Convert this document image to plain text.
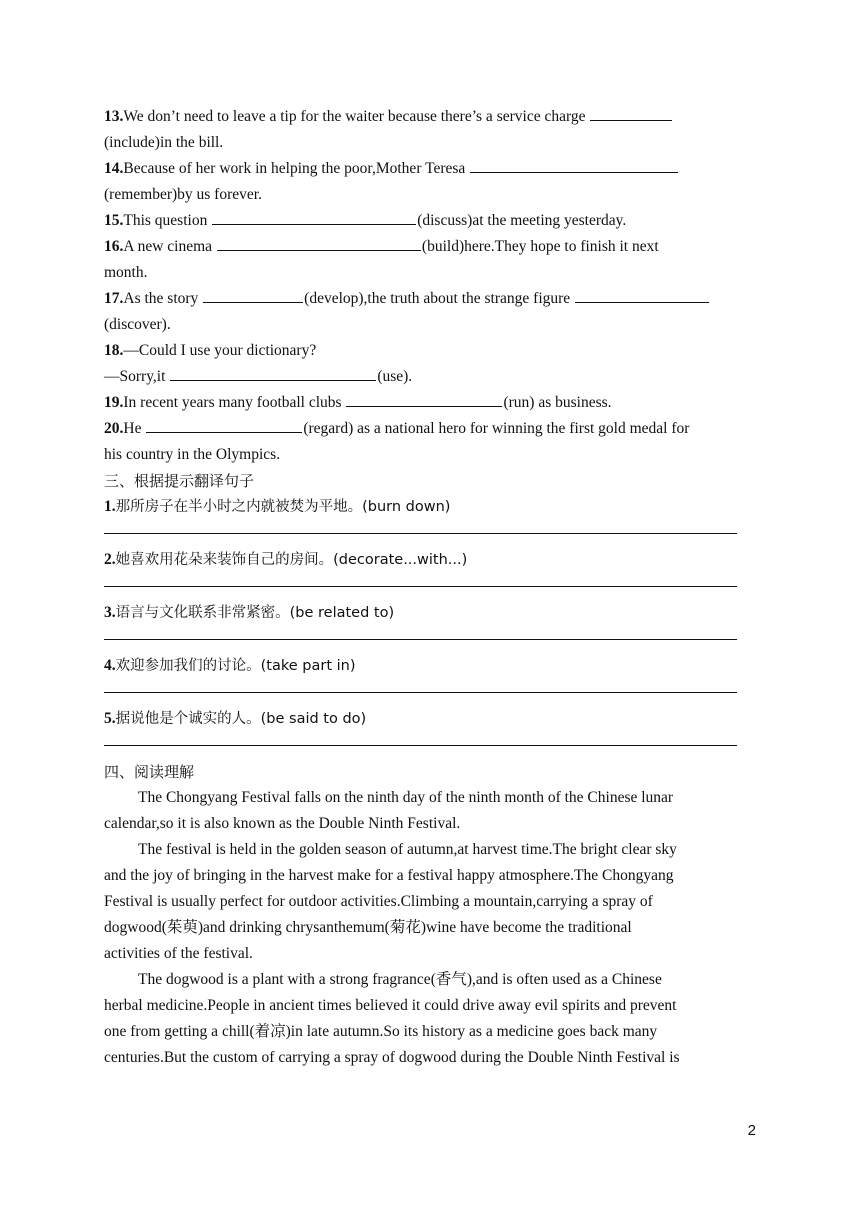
13.We don’t need to leave a tip for the waiter because there’s a service charge
(include)in the bill.
14.Because of her work in helping the poor,Mother Teresa
(remember)by us forever.
15.This question	(discuss)at the meeting yesterday.
16.A new cinema	(build)here.They hope to finish it next
month.
17.As the story	(develop),the truth about the strange figure
(discover).
18.—Could I use your dictionary?
—Sorry,it	(use).
19.In recent years many football clubs	(run) as business.
20.He	(regard) as a national hero for winning the first gold medal for
his country in the Olympics.
三、根据提示翻译句子
1.那所房子在半小时之内就被焚为平地。(burn down)
2.她喜欢用花朵来装饰自己的房间。(decorate...with...)
3.语言与文化联系非常紧密。(be related to)
4.欢迎参加我们的讨论。(take part in)
5.据说他是个诚实的人。(be said to do)
四、阅读理解
The Chongyang Festival falls on the ninth day of the ninth month of the Chinese lunar
calendar,so it is also known as the Double Ninth Festival.
The festival is held in the golden season of autumn,at harvest time.The bright clear sky
and the joy of bringing in the harvest make for a festival happy atmosphere.The Chongyang
Festival is usually perfect for outdoor activities.Climbing a mountain,carrying a spray of
dogwood(茱萸)and drinking chrysanthemum(菊花)wine have become the traditional
activities of the festival.
The dogwood is a plant with a strong fragrance(香气),and is often used as a Chinese
herbal medicine.People in ancient times believed it could drive away evil spirits and prevent
one from getting a chill(着凉)in late autumn.So its history as a medicine goes back many
centuries.But the custom of carrying a spray of dogwood during the Double Ninth Festival is
2
